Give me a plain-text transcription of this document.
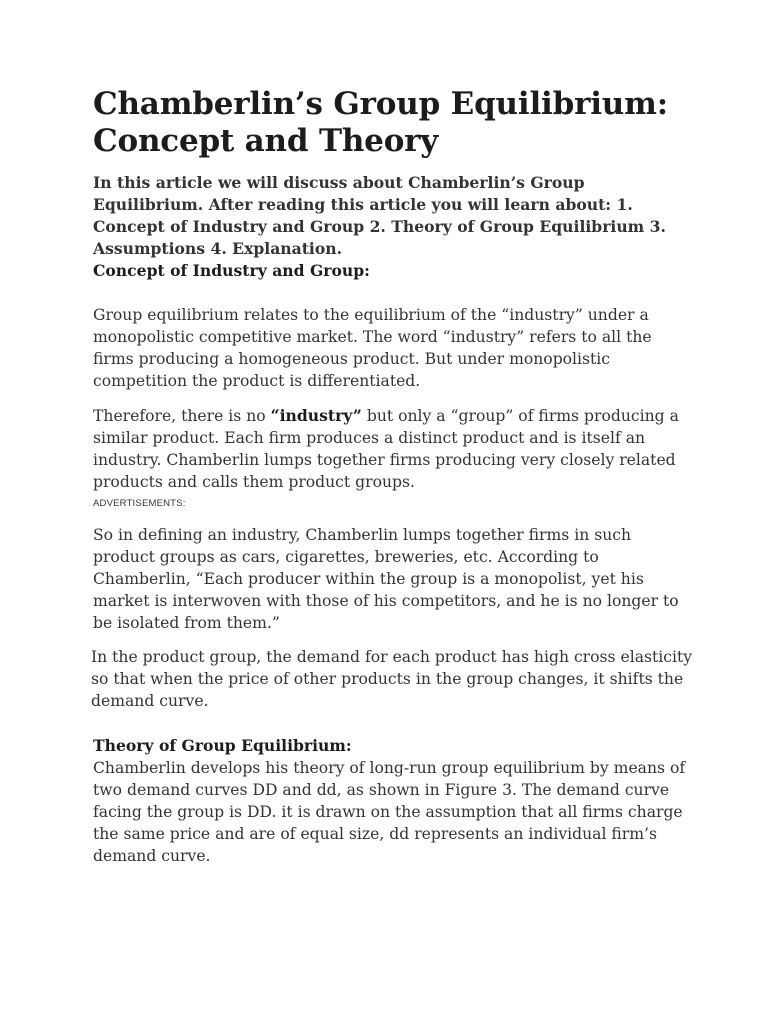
Chamberlin’s Group Equilibrium: Concept and Theory

In this article we will discuss about Chamberlin’s Group Equilibrium. After reading this article you will learn about: 1. Concept of Industry and Group 2. Theory of Group Equilibrium 3. Assumptions 4. Explanation.

Concept of Industry and Group:

Group equilibrium relates to the equilibrium of the “industry” under a monopolistic competitive market. The word “industry” refers to all the firms producing a homogeneous product. But under monopolistic competition the product is differentiated.

Therefore, there is no “industry” but only a “group” of firms producing a similar product. Each firm produces a distinct product and is itself an industry. Chamberlin lumps together firms producing very closely related products and calls them product groups.

ADVERTISEMENTS:

So in defining an industry, Chamberlin lumps together firms in such product groups as cars, cigarettes, breweries, etc. According to Chamberlin, “Each producer within the group is a monopolist, yet his market is interwoven with those of his competitors, and he is no longer to be isolated from them.”

In the product group, the demand for each product has high cross elasticity so that when the price of other products in the group changes, it shifts the demand curve.

Theory of Group Equilibrium:

Chamberlin develops his theory of long-run group equilibrium by means of two demand curves DD and dd, as shown in Figure 3. The demand curve facing the group is DD. it is drawn on the assumption that all firms charge the same price and are of equal size, dd represents an individual firm’s demand curve.
